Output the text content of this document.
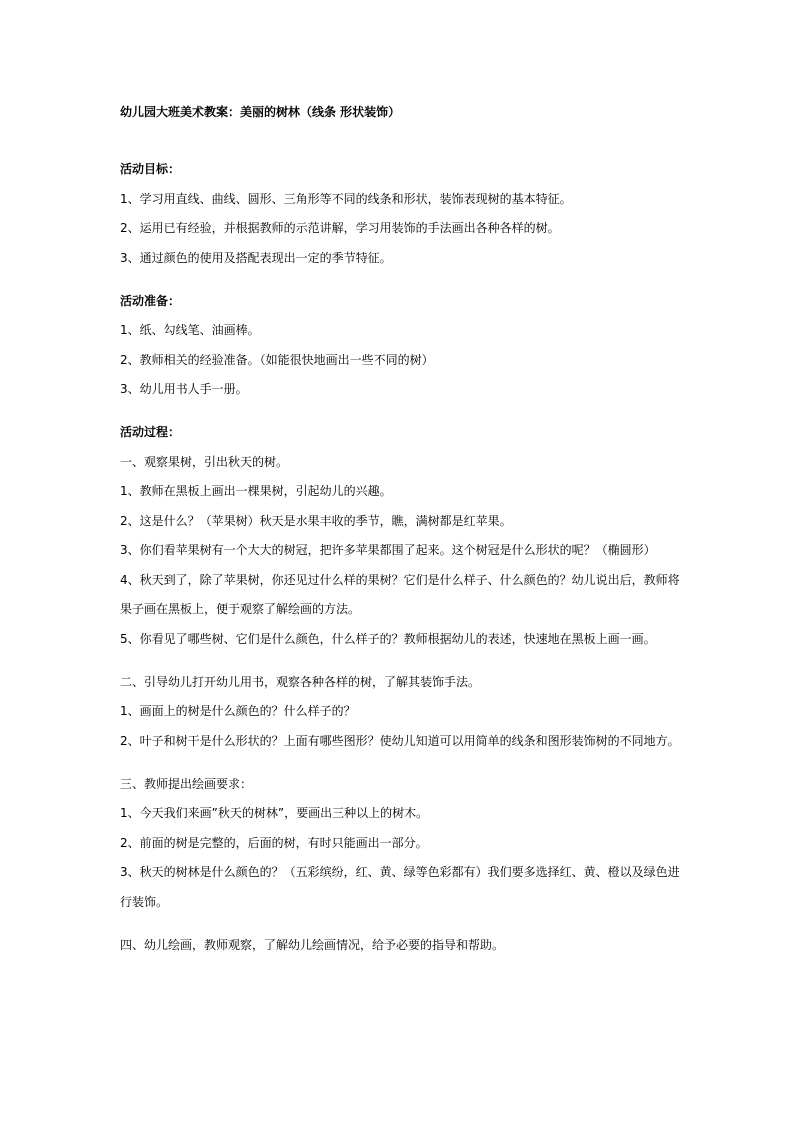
幼儿园大班美术教案：美丽的树林（线条 形状装饰）

活动目标：

1、学习用直线、曲线、圆形、三角形等不同的线条和形状，装饰表现树的基本特征。

2、运用已有经验，并根据教师的示范讲解，学习用装饰的手法画出各种各样的树。

3、通过颜色的使用及搭配表现出一定的季节特征。

活动准备：

1、纸、勾线笔、油画棒。

2、教师相关的经验准备。（如能很快地画出一些不同的树）

3、幼儿用书人手一册。

活动过程：

一、观察果树，引出秋天的树。

1、教师在黑板上画出一棵果树，引起幼儿的兴趣。

2、这是什么？（苹果树）秋天是水果丰收的季节，瞧，满树都是红苹果。

3、你们看苹果树有一个大大的树冠，把许多苹果都围了起来。这个树冠是什么形状的呢？（椭圆形）

4、秋天到了，除了苹果树，你还见过什么样的果树？它们是什么样子、什么颜色的？幼儿说出后，教师将

果子画在黑板上，便于观察了解绘画的方法。

5、你看见了哪些树、它们是什么颜色，什么样子的？教师根据幼儿的表述，快速地在黑板上画一画。

二、引导幼儿打开幼儿用书，观察各种各样的树，了解其装饰手法。

1、画面上的树是什么颜色的？什么样子的？

2、叶子和树干是什么形状的？上面有哪些图形？使幼儿知道可以用简单的线条和图形装饰树的不同地方。

三、教师提出绘画要求：

1、今天我们来画”秋天的树林”，要画出三种以上的树木。

2、前面的树是完整的，后面的树，有时只能画出一部分。

3、秋天的树林是什么颜色的？（五彩缤纷，红、黄、绿等色彩都有）我们要多选择红、黄、橙以及绿色进

行装饰。

四、幼儿绘画，教师观察，了解幼儿绘画情况，给予必要的指导和帮助。
